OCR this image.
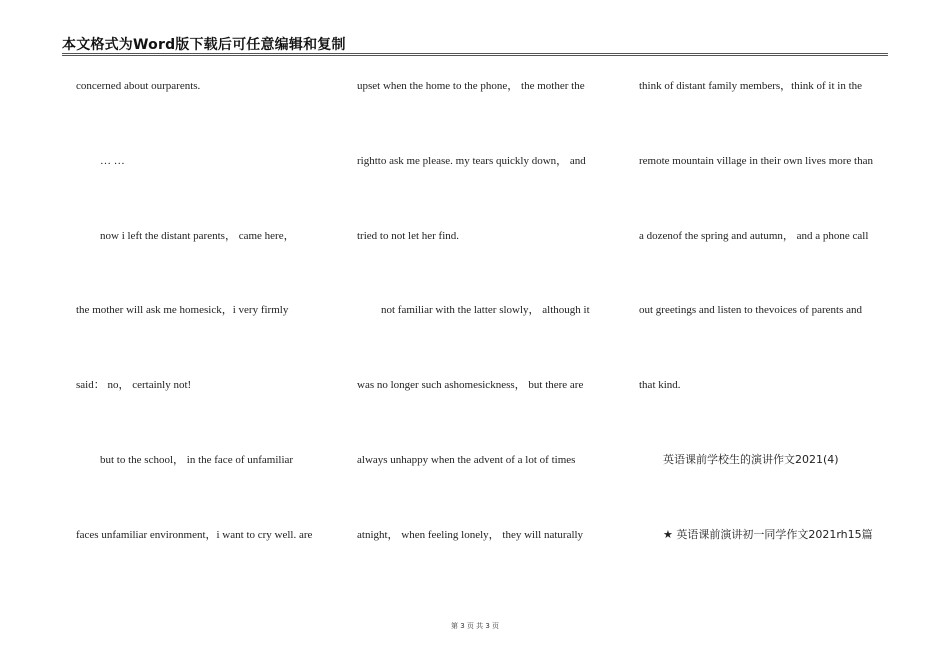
本文格式为Word版下载后可任意编辑和复制
concerned about ourparents.
… …
now i left the distant parents， came here，
the mother will ask me homesick，i very firmly
said： no， certainly not!
but to the school， in the face of unfamiliar
faces unfamiliar environment，i want to cry well. are
upset when the home to the phone， the mother the
rightto ask me please. my tears quickly down， and
tried to not let her find.
not familiar with the latter slowly， although it
was no longer such ashomesickness， but there are
always unhappy when the advent of a lot of times
atnight， when feeling lonely， they will naturally
think of distant family members，think of it in the
remote mountain village in their own lives more than
a dozenof the spring and autumn， and a phone call
out greetings and listen to thevoices of parents and
that kind.
英语课前学校生的演讲作文2021(4)
★ 英语课前演讲初一同学作文2021rh15篇
第 3 页 共 3 页
